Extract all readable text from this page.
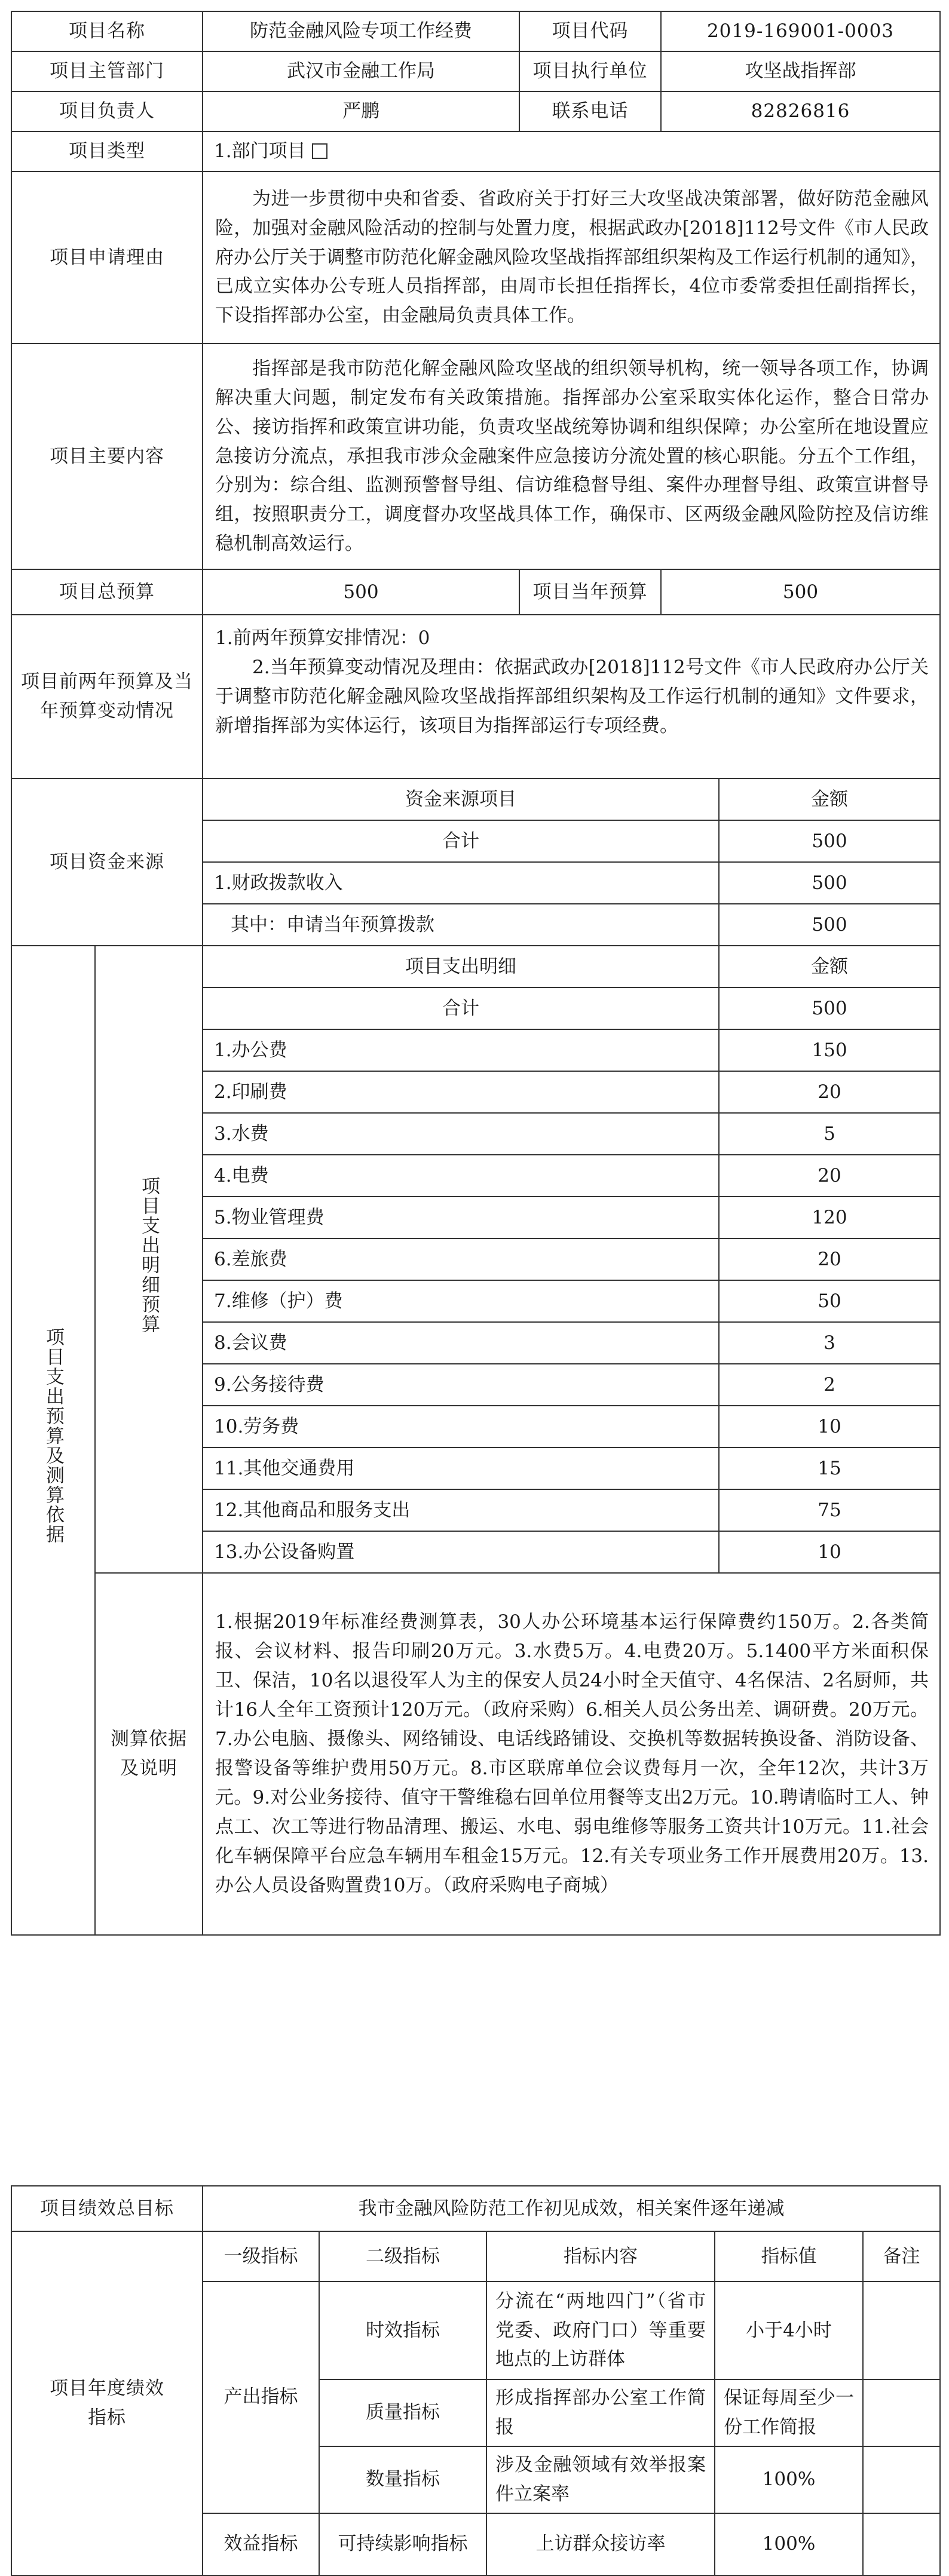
项目名称	防范金融风险专项工作经费	项目代码	2019-169001-0003
项目主管部门	武汉市金融工作局	项目执行单位	攻坚战指挥部
项目负责人	严鹏	联系电话	82826816
项目类型	1.部门项目		
项目申请理由	为进一步贯彻中央和省委、省政府关于打好三大攻坚战决策部署，做好防范金融风险，加强对金融风险活动的控制与处置力度，根据武政办[2018]112号文件《市人民政府办公厅关于调整市防范化解金融风险攻坚战指挥部组织架构及工作运行机制的通知》，已成立实体办公专班人员指挥部，由周市长担任指挥长，4位市委常委担任副指挥长，下设指挥部办公室，由金融局负责具体工作。		
项目主要内容	指挥部是我市防范化解金融风险攻坚战的组织领导机构，统一领导各项工作，协调解决重大问题，制定发布有关政策措施。指挥部办公室采取实体化运作，整合日常办公、接访指挥和政策宣讲功能，负责攻坚战统筹协调和组织保障；办公室所在地设置应急接访分流点，承担我市涉众金融案件应急接访分流处置的核心职能。分五个工作组，分别为：综合组、监测预警督导组、信访维稳督导组、案件办理督导组、政策宣讲督导组，按照职责分工，调度督办攻坚战具体工作，确保市、区两级金融风险防控及信访维稳机制高效运行。		
项目总预算	500	项目当年预算	500
项目前两年预算及当年预算变动情况	1.前两年预算安排情况：0
2.当年预算变动情况及理由：依据武政办[2018]112号文件《市人民政府办公厅关于调整市防范化解金融风险攻坚战指挥部组织架构及工作运行机制的通知》文件要求，新增指挥部为实体运行，该项目为指挥部运行专项经费。		
项目资金来源	资金来源项目	金额
	合计	500
	1.财政拨款收入	500
	其中：申请当年预算拨款	500
项目支出预算及测算依据	项目支出明细预算	项目支出明细	金额
		合计	500
		1.办公费	150
		2.印刷费	20
		3.水费	5
		4.电费	20
		5.物业管理费	120
		6.差旅费	20
		7.维修（护）费	50
		8.会议费	3
		9.公务接待费	2
		10.劳务费	10
		11.其他交通费用	15
		12.其他商品和服务支出	75
		13.办公设备购置	10
	测算依据及说明	1.根据2019年标准经费测算表，30人办公环境基本运行保障费约150万。2.各类简报、会议材料、报告印刷20万元。3.水费5万。4.电费20万。5.1400平方米面积保卫、保洁，10名以退役军人为主的保安人员24小时全天值守、4名保洁、2名厨师，共计16人全年工资预计120万元。（政府采购）6.相关人员公务出差、调研费。20万元。7.办公电脑、摄像头、网络铺设、电话线路铺设、交换机等数据转换设备、消防设备、报警设备等维护费用50万元。8.市区联席单位会议费每月一次，全年12次，共计3万元。9.对公业务接待、值守干警维稳右回单位用餐等支出2万元。10.聘请临时工人、钟点工、次工等进行物品清理、搬运、水电、弱电维修等服务工资共计10万元。11.社会化车辆保障平台应急车辆用车租金15万元。12.有关专项业务工作开展费用20万。13.办公人员设备购置费10万。（政府采购电子商城）	
项目绩效总目标	我市金融风险防范工作初见成效，相关案件逐年递减				
项目年度绩效指标	一级指标	二级指标	指标内容	指标值	备注
	产出指标	时效指标	分流在“两地四门”（省市党委、政府门口）等重要地点的上访群体	小于4小时	
		质量指标	形成指挥部办公室工作简报	保证每周至少一份工作简报	
		数量指标	涉及金融领域有效举报案件立案率	100%	
	效益指标	可持续影响指标	上访群众接访率	100%	
